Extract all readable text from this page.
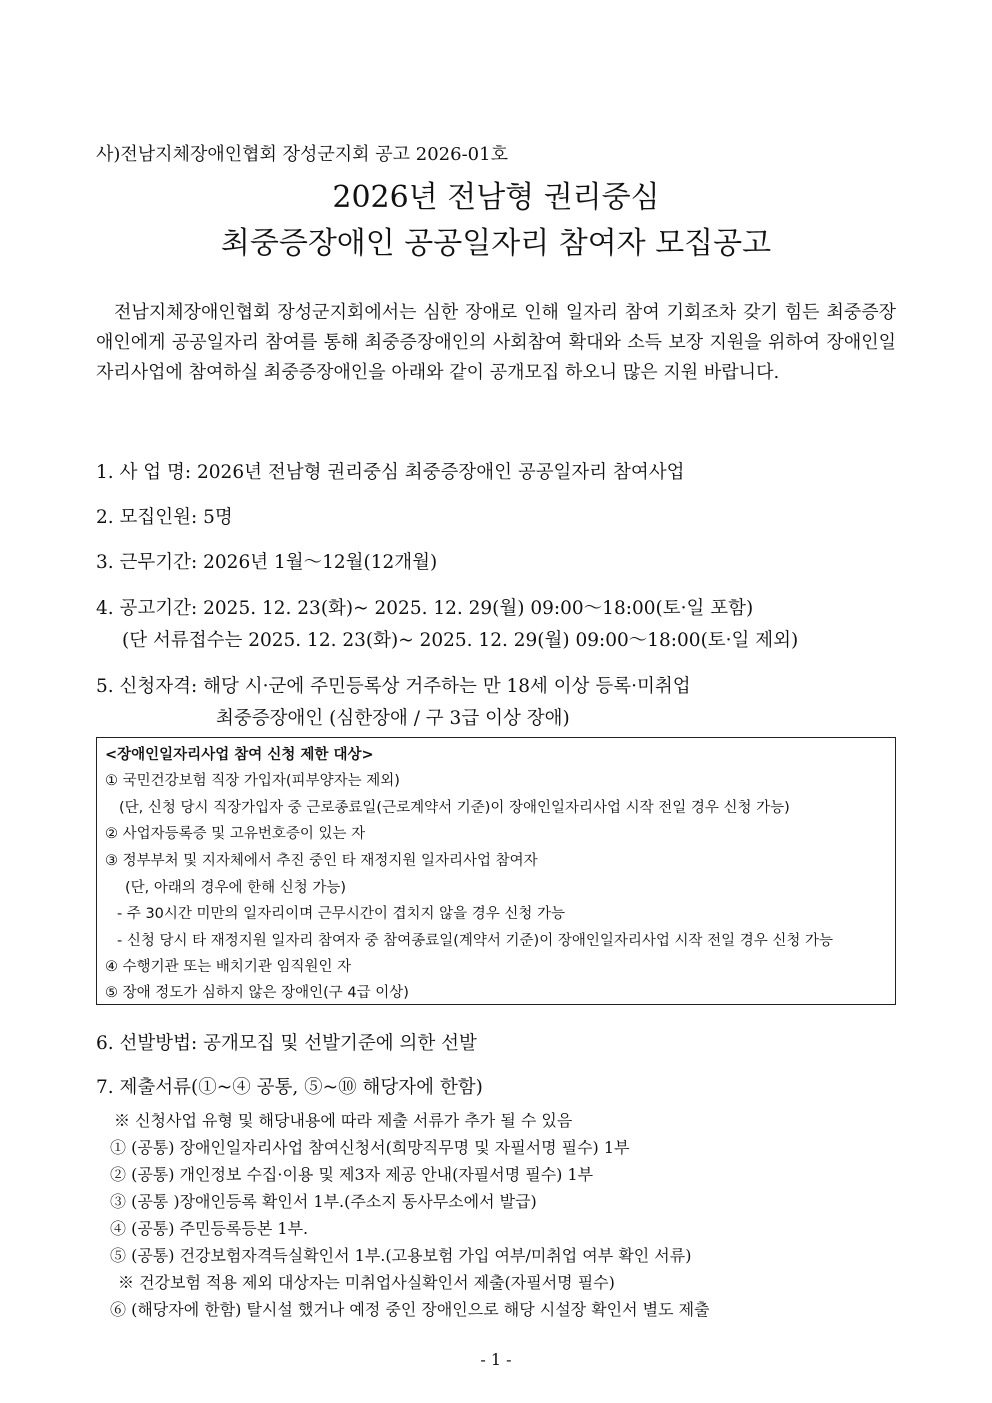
사)전남지체장애인협회 장성군지회 공고 2026-01호
2026년 전남형 권리중심
최중증장애인 공공일자리 참여자 모집공고
전남지체장애인협회 장성군지회에서는 심한 장애로 인해 일자리 참여 기회조차 갖기 힘든 최중증장애인에게 공공일자리 참여를 통해 최중증장애인의 사회참여 확대와 소득 보장 지원을 위하여 장애인일자리사업에 참여하실 최중증장애인을 아래와 같이 공개모집 하오니 많은 지원 바랍니다.
1. 사 업 명: 2026년 전남형 권리중심 최중증장애인 공공일자리 참여사업
2. 모집인원: 5명
3. 근무기간: 2026년 1월～12월(12개월)
4. 공고기간: 2025. 12. 23(화)~ 2025. 12. 29(월) 09:00～18:00(토·일 포함)
(단 서류접수는 2025. 12. 23(화)~ 2025. 12. 29(월) 09:00～18:00(토·일 제외)
5. 신청자격: 해당 시·군에 주민등록상 거주하는 만 18세 이상 등록·미취업
최중증장애인 (심한장애 / 구 3급 이상 장애)
<장애인일자리사업 참여 신청 제한 대상>
① 국민건강보험 직장 가입자(피부양자는 제외)
(단, 신청 당시 직장가입자 중 근로종료일(근로계약서 기준)이 장애인일자리사업 시작 전일 경우 신청 가능)
② 사업자등록증 및 고유번호증이 있는 자
③ 정부부처 및 지자체에서 추진 중인 타 재정지원 일자리사업 참여자
(단, 아래의 경우에 한해 신청 가능)
- 주 30시간 미만의 일자리이며 근무시간이 겹치지 않을 경우 신청 가능
- 신청 당시 타 재정지원 일자리 참여자 중 참여종료일(계약서 기준)이 장애인일자리사업 시작 전일 경우 신청 가능
④ 수행기관 또는 배치기관 임직원인 자
⑤ 장애 정도가 심하지 않은 장애인(구 4급 이상)
6. 선발방법: 공개모집 및 선발기준에 의한 선발
7. 제출서류(①~④ 공통, ⑤~⑩ 해당자에 한함)
※ 신청사업 유형 및 해당내용에 따라 제출 서류가 추가 될 수 있음
① (공통) 장애인일자리사업 참여신청서(희망직무명 및 자필서명 필수) 1부
② (공통) 개인정보 수집·이용 및 제3자 제공 안내(자필서명 필수) 1부
③ (공통 )장애인등록 확인서 1부.(주소지 동사무소에서 발급)
④ (공통) 주민등록등본 1부.
⑤ (공통) 건강보험자격득실확인서 1부.(고용보험 가입 여부/미취업 여부 확인 서류)
※ 건강보험 적용 제외 대상자는 미취업사실확인서 제출(자필서명 필수)
⑥ (해당자에 한함) 탈시설 했거나 예정 중인 장애인으로 해당 시설장 확인서 별도 제출
- 1 -
